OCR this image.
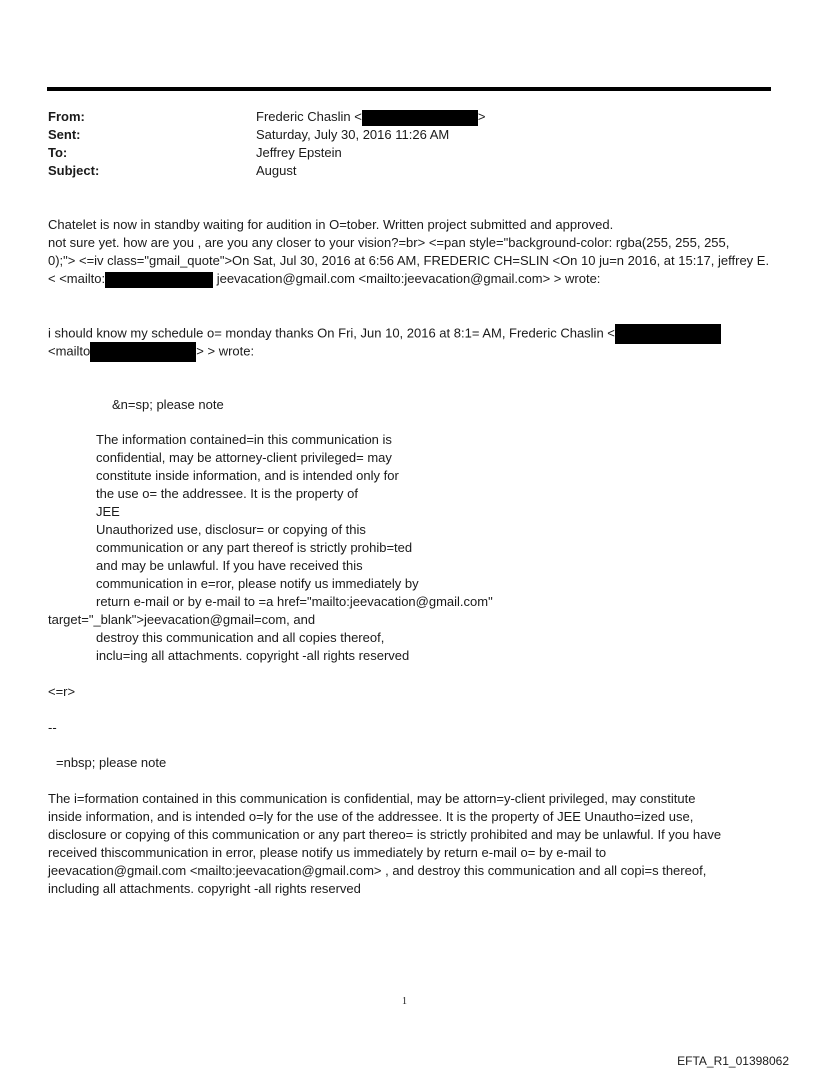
From:	Frederic Chaslin <	>
Sent:	Saturday, July 30, 2016 11:26 AM
To:	Jeffrey Epstein
Subject:	August
Chatelet is now in standby waiting for audition in O=tober. Written project submitted and approved.
not sure yet. how are you , are you any closer to your vision?=br> <=pan style="background-color: rgba(255, 255, 255,
0);"> <=iv class="gmail_quote">On Sat, Jul 30, 2016 at 6:56 AM, FREDERIC CH=SLIN <On 10 ju=n 2016, at 15:17, jeffrey E.
< <mailto:	jeevacation@gmail.com <mailto:jeevacation@gmail.com> > wrote:
i should know my schedule o= monday thanks On Fri, Jun 10, 2016 at 8:1= AM, Frederic Chaslin <
<mailto	> > wrote:
&n=sp; please note
The information contained=in this communication is
confidential, may be attorney-client privileged= may
constitute inside information, and is intended only for
the use o= the addressee. It is the property of
JEE
Unauthorized use, disclosur= or copying of this
communication or any part thereof is strictly prohib=ted
and may be unlawful. If you have received this
communication in e=ror, please notify us immediately by
return e-mail or by e-mail to =a href="mailto:jeevacation@gmail.com"
target="_blank">jeevacation@gmail=com, and
destroy this communication and all copies thereof,
inclu=ing all attachments. copyright -all rights reserved
<=r>
--
=nbsp; please note
The i=formation contained in this communication is confidential, may be attorn=y-client privileged, may constitute
inside information, and is intended o=ly for the use of the addressee. It is the property of JEE Unautho=ized use,
disclosure or copying of this communication or any part thereo= is strictly prohibited and may be unlawful. If you have
received thiscommunication in error, please notify us immediately by return e-mail o= by e-mail to
jeevacation@gmail.com <mailto:jeevacation@gmail.com> , and destroy this communication and all copi=s thereof,
including all attachments. copyright -all rights reserved
1
EFTA_R1_01398062
